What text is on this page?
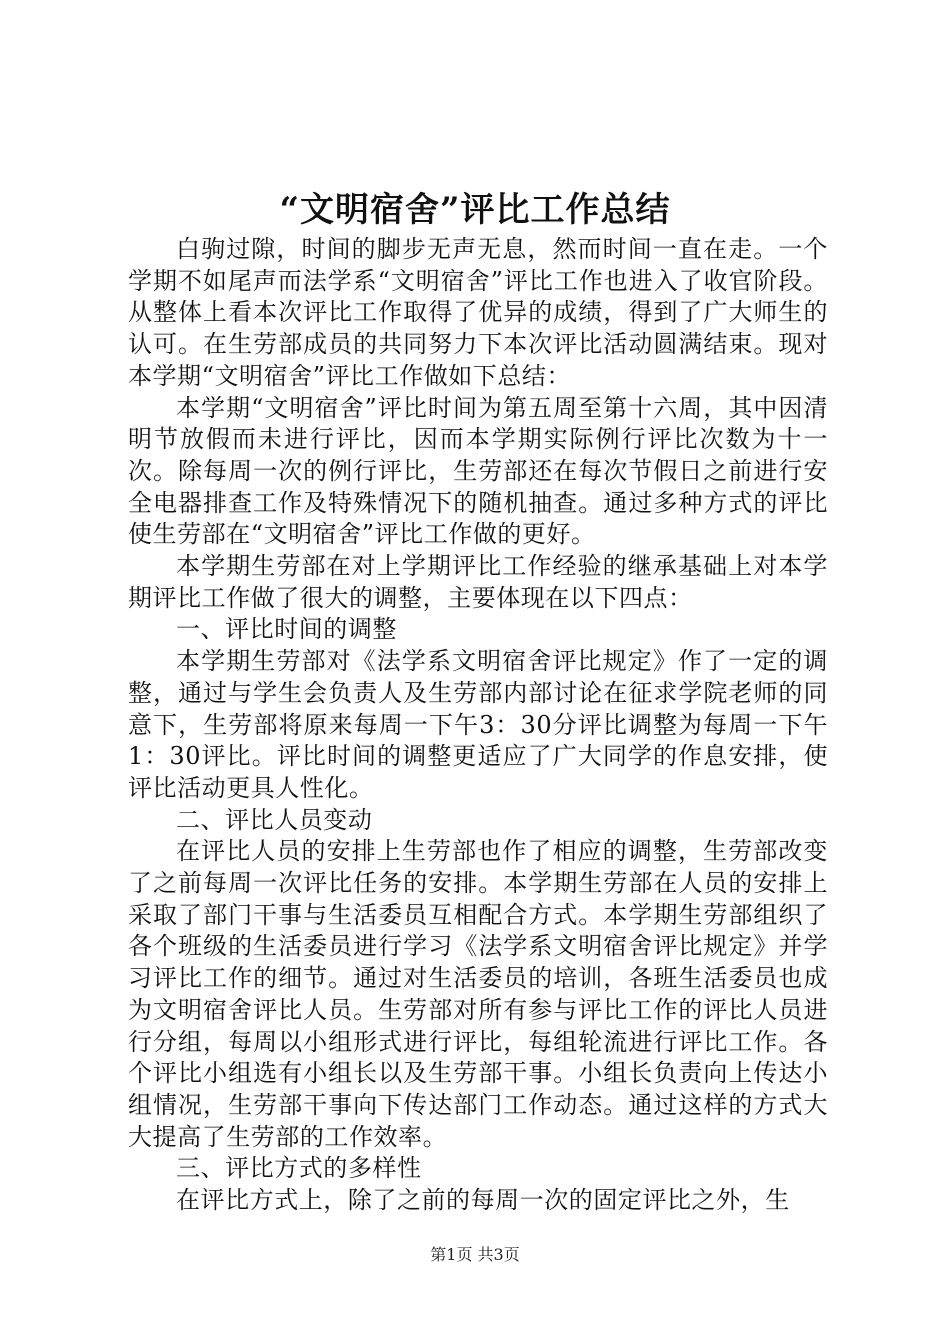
“文明宿舍”评比工作总结

白驹过隙，时间的脚步无声无息，然而时间一直在走。一个学期不如尾声而法学系“文明宿舍”评比工作也进入了收官阶段。从整体上看本次评比工作取得了优异的成绩，得到了广大师生的认可。在生劳部成员的共同努力下本次评比活动圆满结束。现对本学期“文明宿舍”评比工作做如下总结：

本学期“文明宿舍”评比时间为第五周至第十六周，其中因清明节放假而未进行评比，因而本学期实际例行评比次数为十一次。除每周一次的例行评比，生劳部还在每次节假日之前进行安全电器排查工作及特殊情况下的随机抽查。通过多种方式的评比使生劳部在“文明宿舍”评比工作做的更好。

本学期生劳部在对上学期评比工作经验的继承基础上对本学期评比工作做了很大的调整，主要体现在以下四点：

一、评比时间的调整

本学期生劳部对《法学系文明宿舍评比规定》作了一定的调整，通过与学生会负责人及生劳部内部讨论在征求学院老师的同意下，生劳部将原来每周一下午3：30分评比调整为每周一下午1：30评比。评比时间的调整更适应了广大同学的作息安排，使评比活动更具人性化。

二、评比人员变动

在评比人员的安排上生劳部也作了相应的调整，生劳部改变了之前每周一次评比任务的安排。本学期生劳部在人员的安排上采取了部门干事与生活委员互相配合方式。本学期生劳部组织了各个班级的生活委员进行学习《法学系文明宿舍评比规定》并学习评比工作的细节。通过对生活委员的培训，各班生活委员也成为文明宿舍评比人员。生劳部对所有参与评比工作的评比人员进行分组，每周以小组形式进行评比，每组轮流进行评比工作。各个评比小组选有小组长以及生劳部干事。小组长负责向上传达小组情况，生劳部干事向下传达部门工作动态。通过这样的方式大大提高了生劳部的工作效率。

三、评比方式的多样性

在评比方式上，除了之前的每周一次的固定评比之外，生

第1页 共3页
